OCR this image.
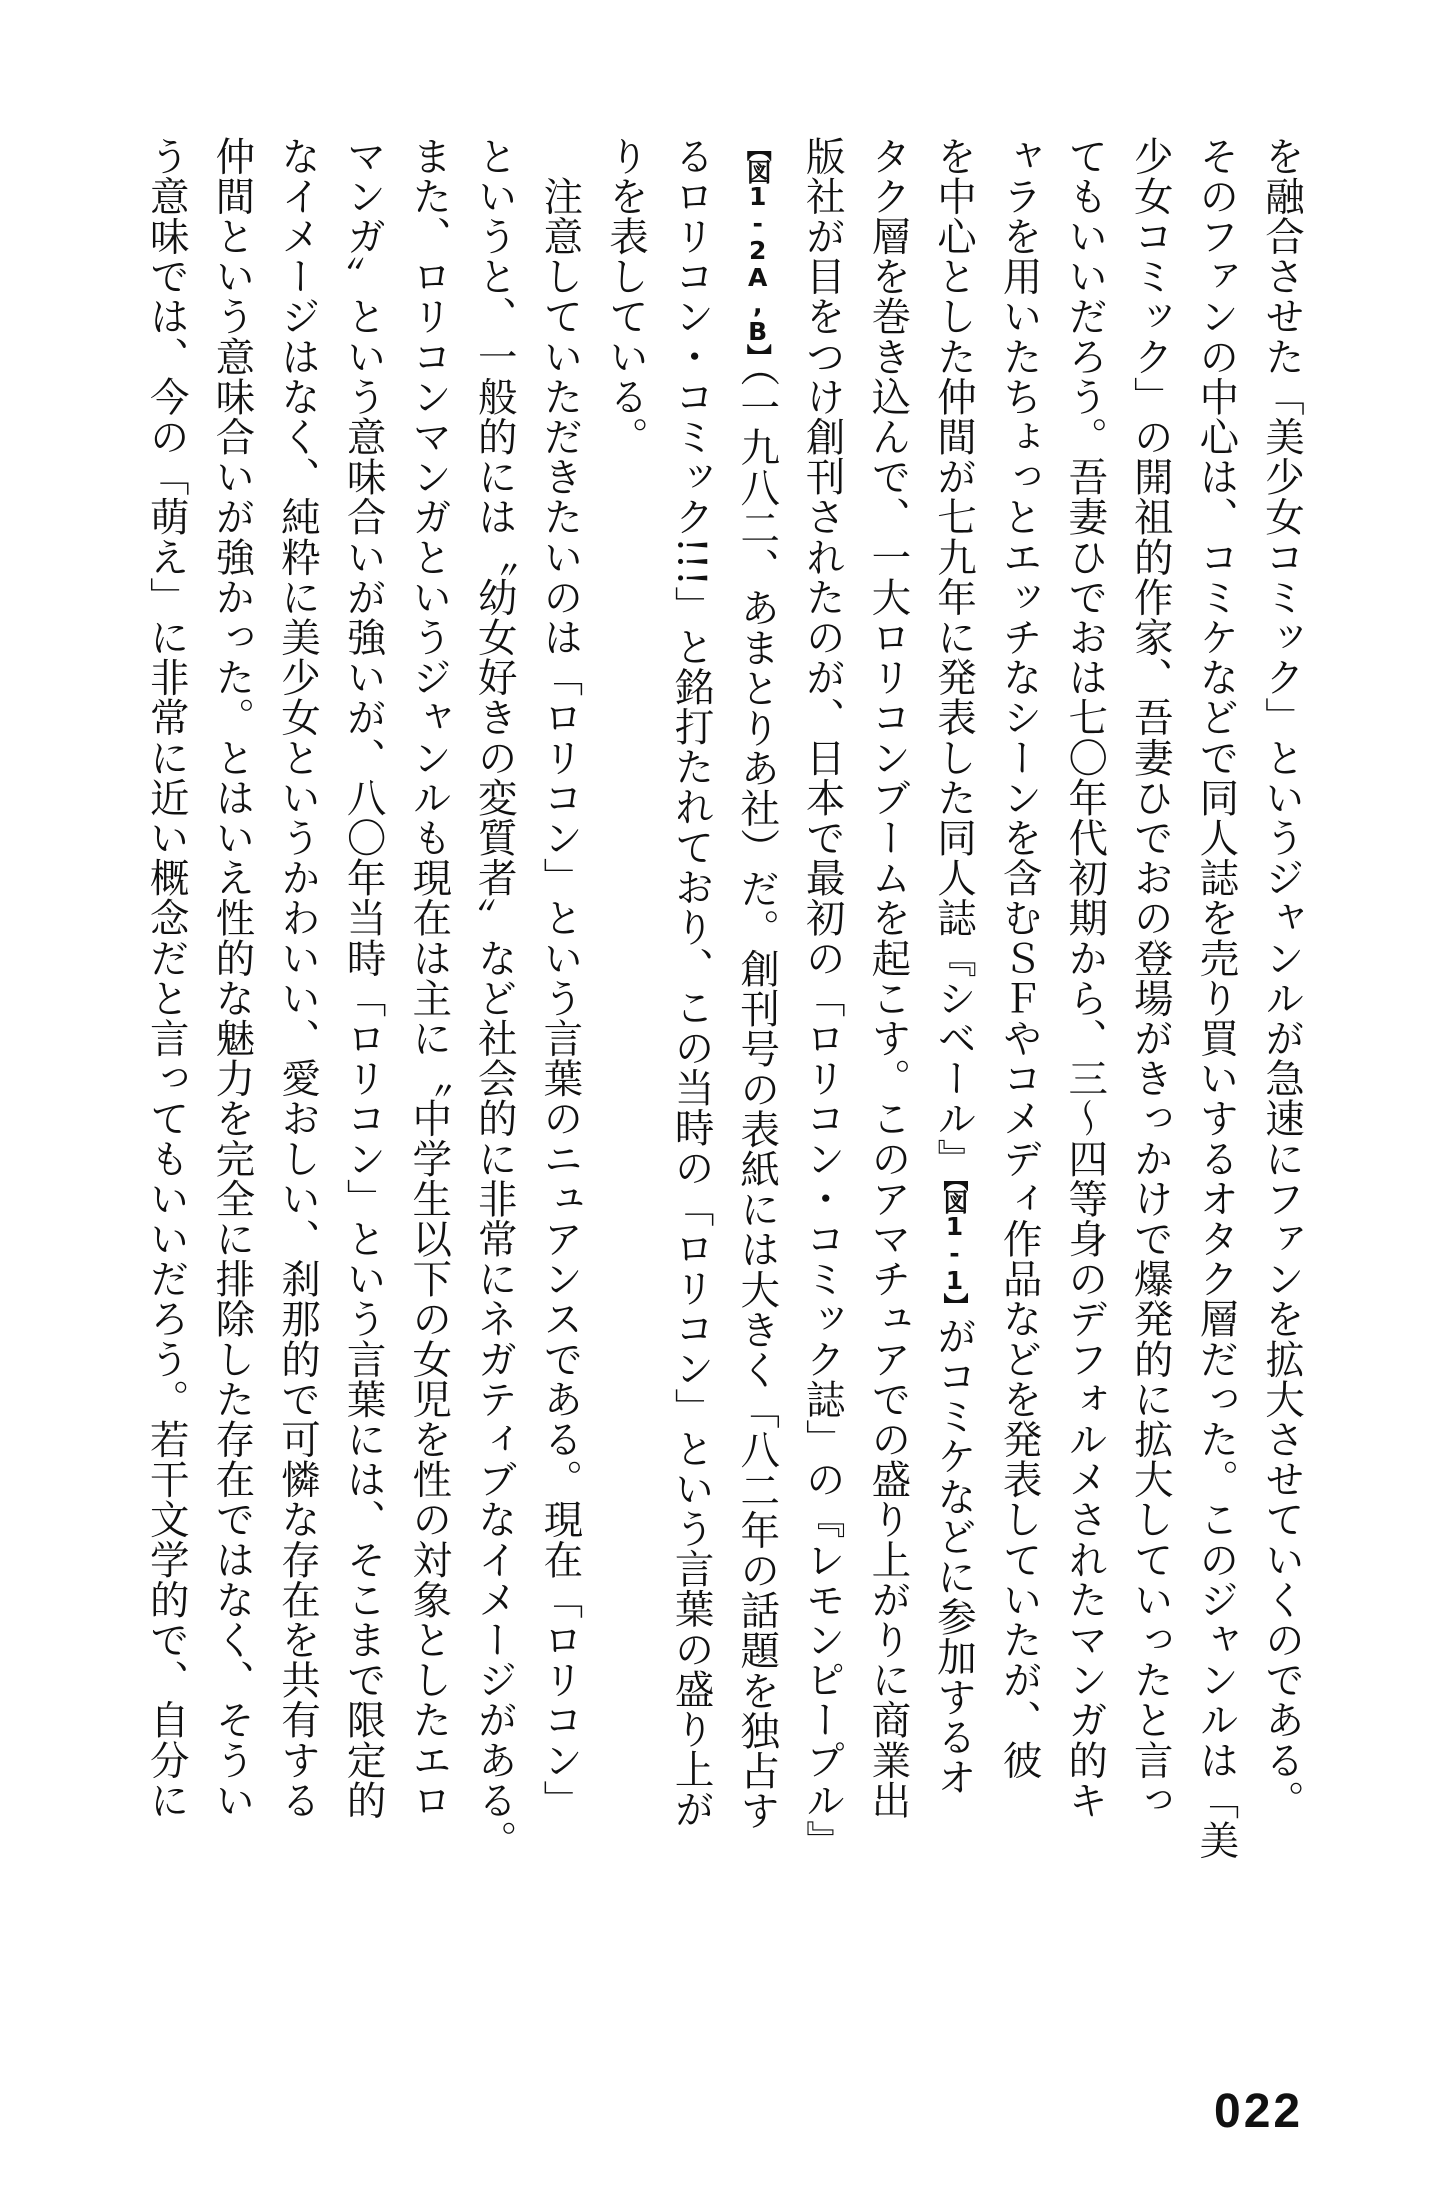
を融合させた「美少女コミック」というジャンルが急速にファンを拡大させていくのである。
そのファンの中心は、コミケなどで同人誌を売り買いするオタク層だった。このジャンルは「美
少女コミック」の開祖的作家、吾妻ひでおの登場がきっかけで爆発的に拡大していったと言っ
てもいいだろう。吾妻ひでおは七〇年代初期から、三〜四等身のデフォルメされたマンガ的キ
ャラを用いたちょっとエッチなシーンを含むＳＦやコメディ作品などを発表していたが、彼
を中心とした仲間が七九年に発表した同人誌『シベール』【図1-1】がコミケなどに参加するオ
タク層を巻き込んで、一大ロリコンブームを起こす。このアマチュアでの盛り上がりに商業出
版社が目をつけ創刊されたのが、日本で最初の「ロリコン・コミック誌」の『レモンピープル』
【図1-2A,B】（一九八二、あまとりあ社）だ。創刊号の表紙には大きく「八二年の話題を独占す
るロリコン・コミック!!!」と銘打たれており、この当時の「ロリコン」という言葉の盛り上が
りを表している。
　注意していただきたいのは「ロリコン」という言葉のニュアンスである。現在「ロリコン」
というと、一般的には〝幼女好きの変質者〟など社会的に非常にネガティブなイメージがある。
また、ロリコンマンガというジャンルも現在は主に〝中学生以下の女児を性の対象としたエロ
マンガ〟という意味合いが強いが、八〇年当時「ロリコン」という言葉には、そこまで限定的
なイメージはなく、純粋に美少女というかわいい、愛おしい、刹那的で可憐な存在を共有する
仲間という意味合いが強かった。とはいえ性的な魅力を完全に排除した存在ではなく、そうい
う意味では、今の「萌え」に非常に近い概念だと言ってもいいだろう。若干文学的で、自分に
022
